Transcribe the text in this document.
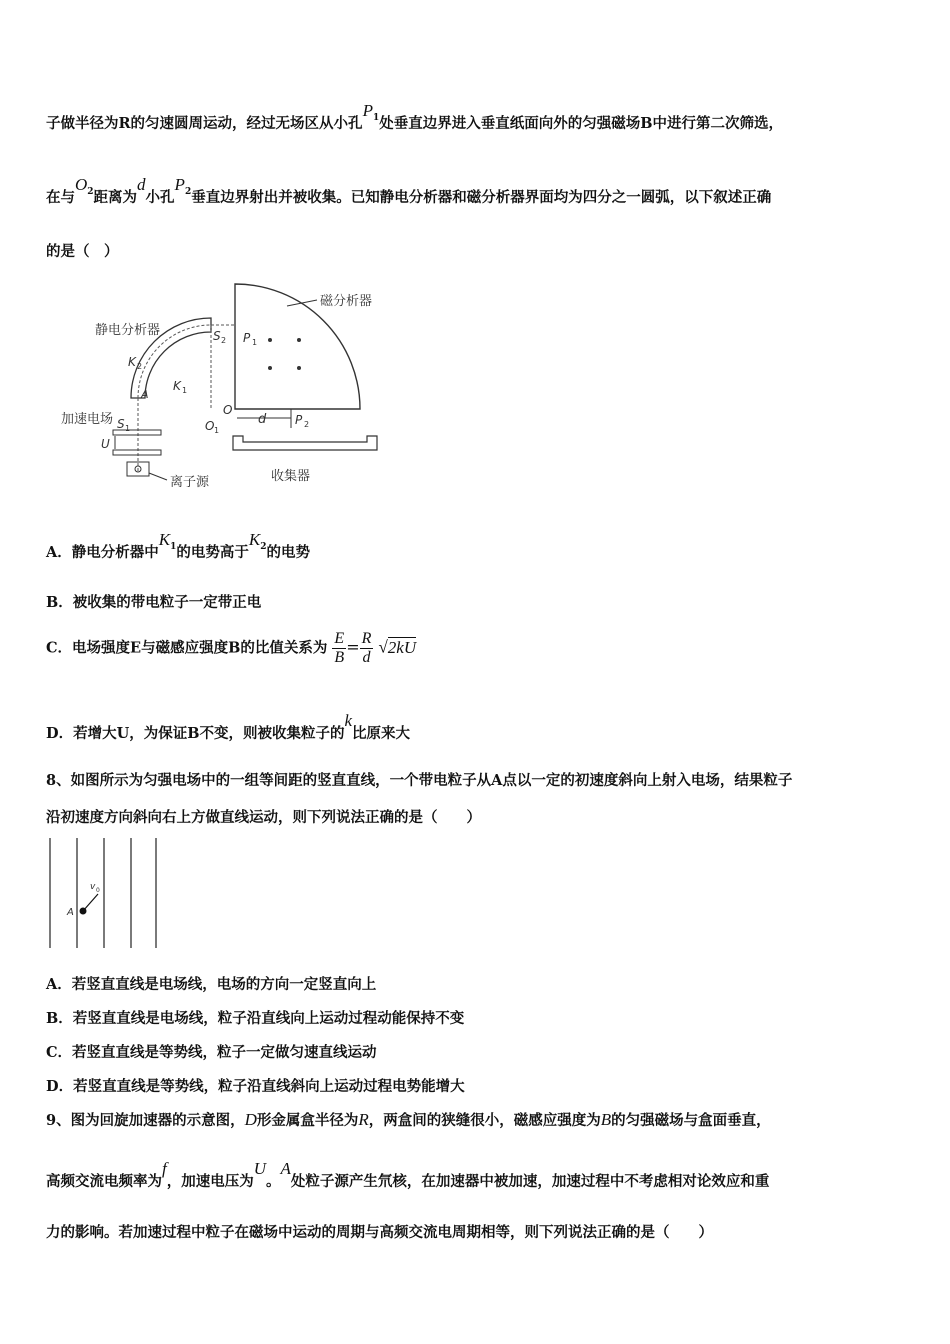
子做半径为R的匀速圆周运动，经过无场区从小孔$P^1$处垂直边界进入垂直纸面向外的匀强磁场B中进行第二次筛选，
在与$O^2$距离为d小孔$P^2$垂直边界射出并被收集。已知静电分析器和磁分析器界面均为四分之一圆弧，以下叙述正确
的是（　）
磁分析器
P 1
静电分析器	S 2
K 2
K 1
A
O
O 1
d P 2
收集器
加速电场 S 1
U
离子源
A．静电分析器中$K^1$的电势高于$K^2$的电势
B．被收集的带电粒子一定带正电
C．电场强度E与磁感应强度B的比值关系为 $\frac{E}{B} = \frac{R}{d} √2kU$
D．若增大U，为保证B不变，则被收集粒子的k比原来大
8、如图所示为匀强电场中的一组等间距的竖直直线，一个带电粒子从A点以一定的初速度斜向上射入电场，结果粒子
沿初速度方向斜向右上方做直线运动，则下列说法正确的是（　　）
A
v 0
A．若竖直直线是电场线，电场的方向一定竖直向上
B．若竖直直线是电场线，粒子沿直线向上运动过程动能保持不变
C．若竖直直线是等势线，粒子一定做匀速直线运动
D．若竖直直线是等势线，粒子沿直线斜向上运动过程电势能增大
9、图为回旋加速器的示意图，D形金属盒半径为R，两盒间的狭缝很小，磁感应强度为B的匀强磁场与盒面垂直，
高频交流电频率为f，加速电压为U。A处粒子源产生氘核，在加速器中被加速，加速过程中不考虑相对论效应和重
力的影响。若加速过程中粒子在磁场中运动的周期与高频交流电周期相等，则下列说法正确的是（　　）
